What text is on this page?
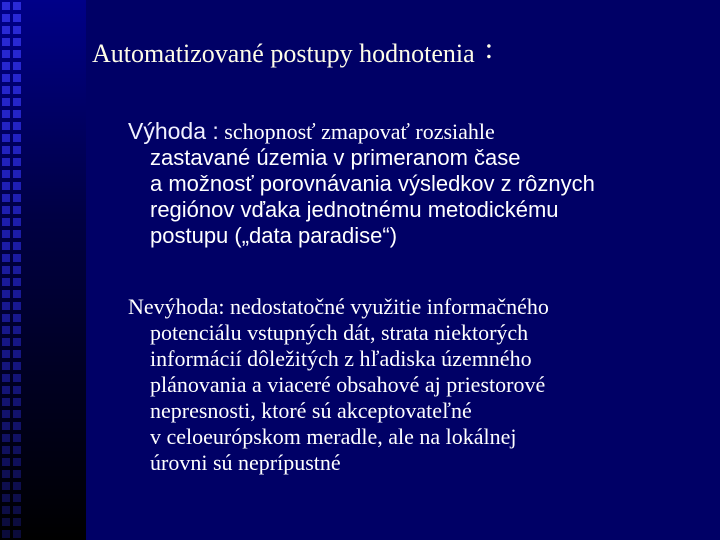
Automatizované postupy hodnotenia :

Výhoda : schopnosť zmapovať rozsiahle

zastavané územia v primeranom čase

a možnosť porovnávania výsledkov z rôznych

regiónov vďaka jednotnému metodickému

postupu („data paradise“)

Nevýhoda: nedostatočné využitie informačného

potenciálu vstupných dát, strata niektorých

informácií dôležitých z hľadiska územného

plánovania a viaceré obsahové aj priestorové

nepresnosti, ktoré sú akceptovateľné

v celoeurópskom meradle, ale na lokálnej

úrovni sú neprípustné
